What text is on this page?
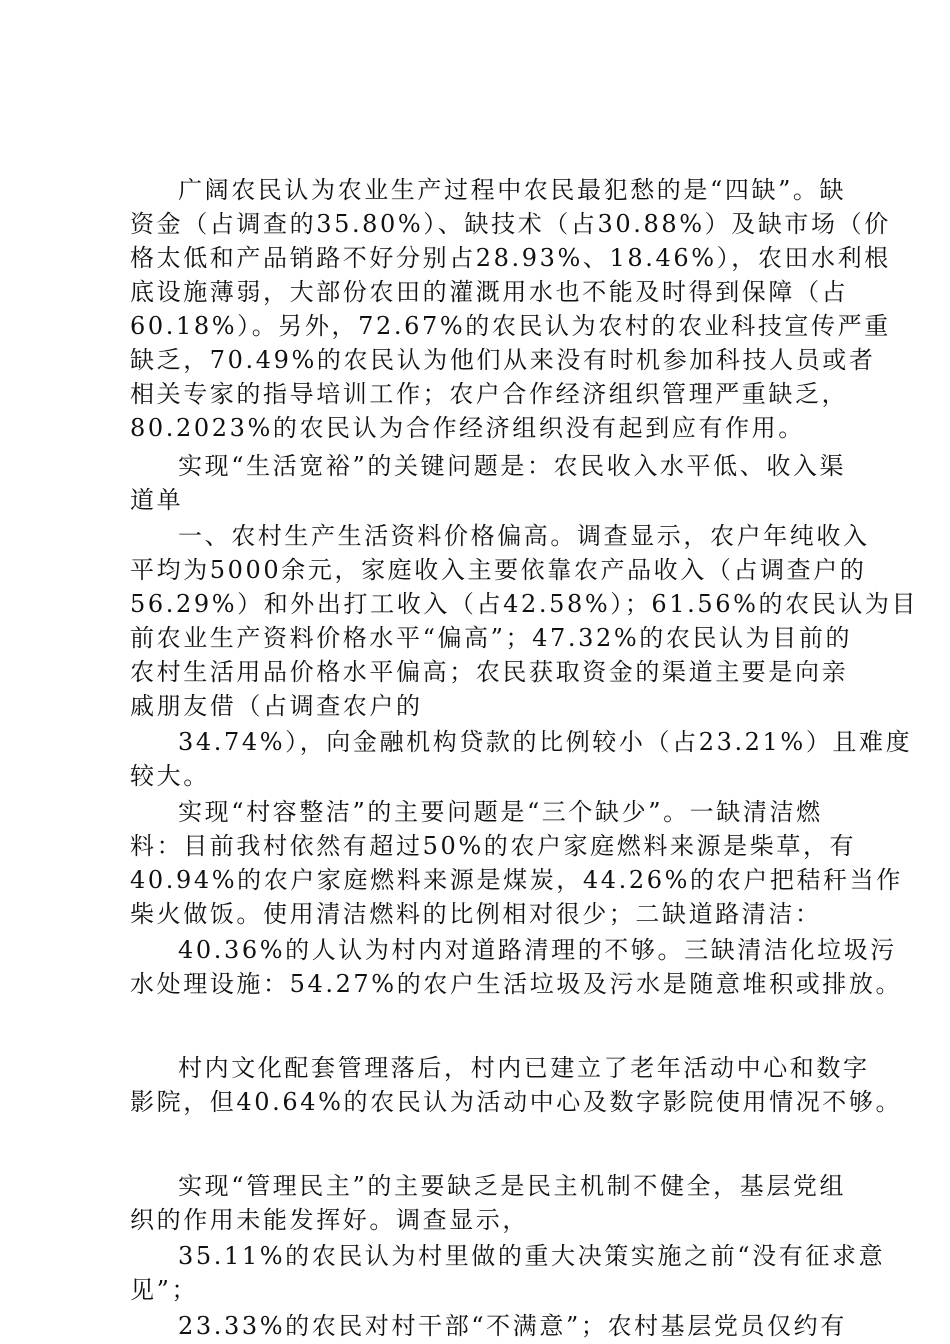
广阔农民认为农业生产过程中农民最犯愁的是“四缺”。缺
资金（占调查的35.80%）、缺技术（占30.88%）及缺市场（价
格太低和产品销路不好分别占28.93%、18.46%），农田水利根
底设施薄弱，大部份农田的灌溉用水也不能及时得到保障（占
60.18%）。另外，72.67%的农民认为农村的农业科技宣传严重
缺乏，70.49%的农民认为他们从来没有时机参加科技人员或者
相关专家的指导培训工作；农户合作经济组织管理严重缺乏，
80.2023%的农民认为合作经济组织没有起到应有作用。
实现“生活宽裕”的关键问题是：农民收入水平低、收入渠
道单
一、农村生产生活资料价格偏高。调查显示，农户年纯收入
平均为5000余元，家庭收入主要依靠农产品收入（占调查户的
56.29%）和外出打工收入（占42.58%）；61.56%的农民认为目
前农业生产资料价格水平“偏高”；47.32%的农民认为目前的
农村生活用品价格水平偏高；农民获取资金的渠道主要是向亲
戚朋友借（占调查农户的
34.74%），向金融机构贷款的比例较小（占23.21%）且难度
较大。
实现“村容整洁”的主要问题是“三个缺少”。一缺清洁燃
料：目前我村依然有超过50%的农户家庭燃料来源是柴草，有
40.94%的农户家庭燃料来源是煤炭，44.26%的农户把秸秆当作
柴火做饭。使用清洁燃料的比例相对很少；二缺道路清洁：
40.36%的人认为村内对道路清理的不够。三缺清洁化垃圾污
水处理设施：54.27%的农户生活垃圾及污水是随意堆积或排放。
村内文化配套管理落后，村内已建立了老年活动中心和数字
影院，但40.64%的农民认为活动中心及数字影院使用情况不够。
实现“管理民主”的主要缺乏是民主机制不健全，基层党组
织的作用未能发挥好。调查显示，
35.11%的农民认为村里做的重大决策实施之前“没有征求意
见”；
23.33%的农民对村干部“不满意”；农村基层党员仅约有
